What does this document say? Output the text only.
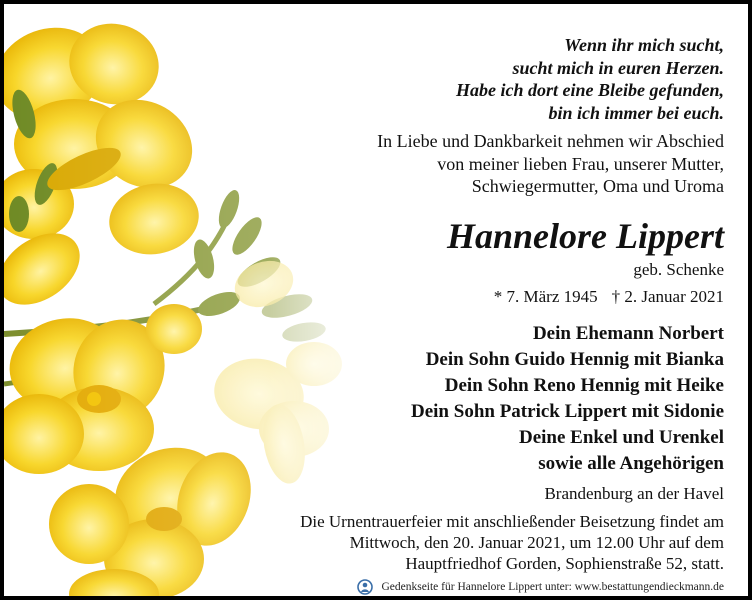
Wenn ihr mich sucht,
sucht mich in euren Herzen.
Habe ich dort eine Bleibe gefunden,
bin ich immer bei euch.
In Liebe und Dankbarkeit nehmen wir Abschied
von meiner lieben Frau, unserer Mutter,
Schwiegermutter, Oma und Uroma
Hannelore Lippert
geb. Schenke
* 7. März 1945 † 2. Januar 2021
Dein Ehemann Norbert
Dein Sohn Guido Hennig mit Bianka
Dein Sohn Reno Hennig mit Heike
Dein Sohn Patrick Lippert mit Sidonie
Deine Enkel und Urenkel
sowie alle Angehörigen
Brandenburg an der Havel
Die Urnentrauerfeier mit anschließender Beisetzung findet am
Mittwoch, den 20. Januar 2021, um 12.00 Uhr auf dem
Hauptfriedhof Gorden, Sophienstraße 52, statt.
Gedenkseite für Hannelore Lippert unter: www.bestattungendieckmann.de
